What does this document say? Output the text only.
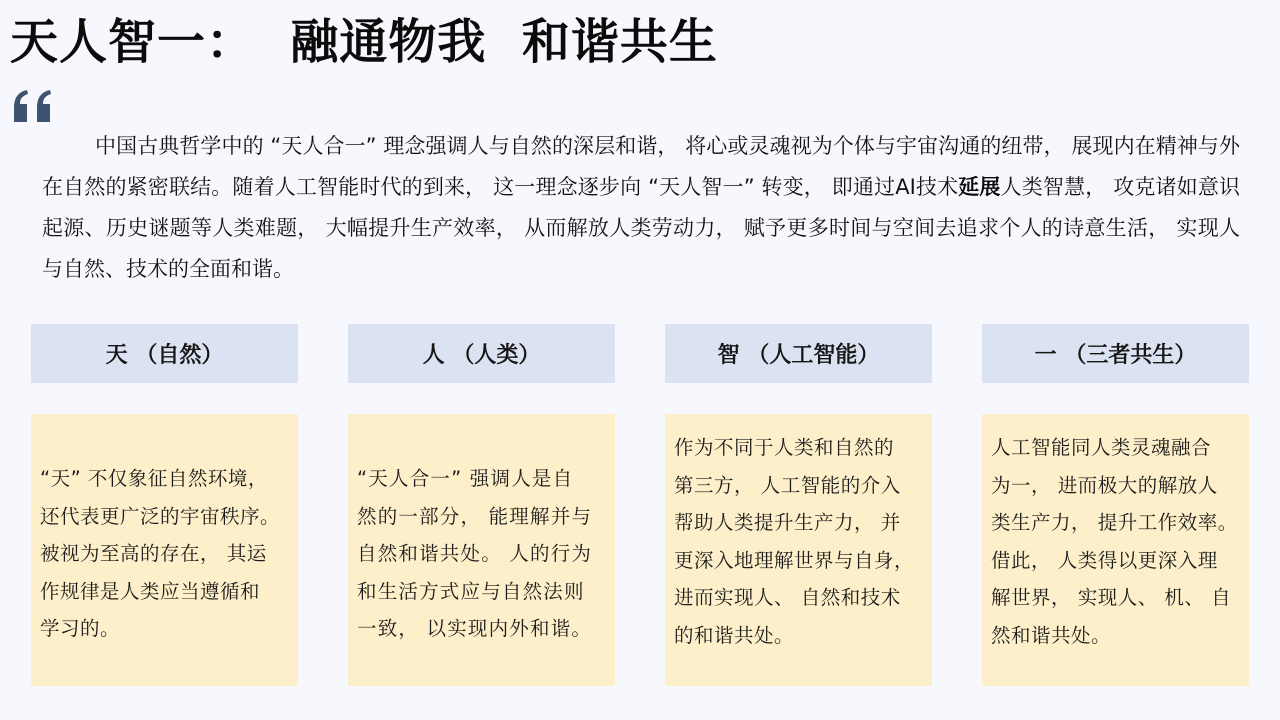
天人智一：  融通物我  和谐共生

中国古典哲学中的 “天人合一” 理念强调人与自然的深层和谐， 将心或灵魂视为个体与宇宙沟通的纽带， 展现内在精神与外在自然的紧密联结。随着人工智能时代的到来， 这一理念逐步向 “天人智一” 转变， 即通过AI技术延展人类智慧， 攻克诸如意识起源、历史谜题等人类难题， 大幅提升生产效率， 从而解放人类劳动力， 赋予更多时间与空间去追求个人的诗意生活， 实现人与自然、技术的全面和谐。

天 （自然）	人 （人类）	智 （人工智能）	一 （三者共生）

“天” 不仅象征自然环境，
还代表更广泛的宇宙秩序。
被视为至高的存在， 其运
作规律是人类应当遵循和
学习的。

“天人合一” 强调人是自
然的一部分， 能理解并与
自然和谐共处。 人的行为
和生活方式应与自然法则
一致， 以实现内外和谐。

作为不同于人类和自然的
第三方， 人工智能的介入
帮助人类提升生产力， 并
更深入地理解世界与自身，
进而实现人、 自然和技术
的和谐共处。

人工智能同人类灵魂融合
为一， 进而极大的解放人
类生产力， 提升工作效率。
借此， 人类得以更深入理
解世界， 实现人、 机、 自
然和谐共处。
